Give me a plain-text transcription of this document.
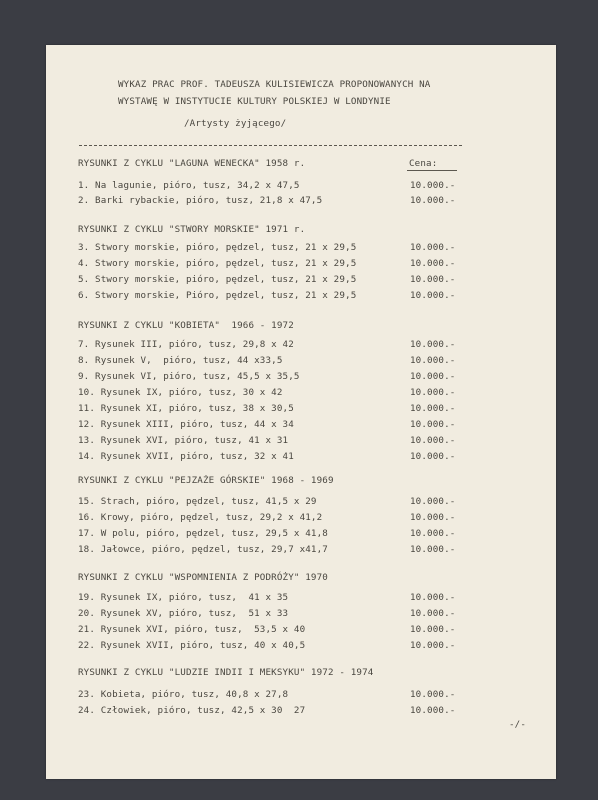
WYKAZ PRAC PROF. TADEUSZA KULISIEWICZA PROPONOWANYCH NA
WYSTAWĘ W INSTYTUCIE KULTURY POLSKIEJ W LONDYNIE
/Artysty żyjącego/
RYSUNKI Z CYKLU "LAGUNA WENECKA" 1958 r.	Cena:
1. Na lagunie, pióro, tusz, 34,2 x 47,5	10.000.-
2. Barki rybackie, pióro, tusz, 21,8 x 47,5	10.000.-
RYSUNKI Z CYKLU "STWORY MORSKIE" 1971 r.
3. Stwory morskie, pióro, pędzel, tusz, 21 x 29,5	10.000.-
4. Stwory morskie, pióro, pędzel, tusz, 21 x 29,5	10.000.-
5. Stwory morskie, pióro, pędzel, tusz, 21 x 29,5	10.000.-
6. Stwory morskie, Pióro, pędzel, tusz, 21 x 29,5	10.000.-
RYSUNKI Z CYKLU "KOBIETA"  1966 - 1972
7. Rysunek III, pióro, tusz, 29,8 x 42	10.000.-
8. Rysunek V,  pióro, tusz, 44 x33,5	10.000.-
9. Rysunek VI, pióro, tusz, 45,5 x 35,5	10.000.-
10. Rysunek IX, pióro, tusz, 30 x 42	10.000.-
11. Rysunek XI, pióro, tusz, 38 x 30,5	10.000.-
12. Rysunek XIII, pióro, tusz, 44 x 34	10.000.-
13. Rysunek XVI, pióro, tusz, 41 x 31	10.000.-
14. Rysunek XVII, pióro, tusz, 32 x 41	10.000.-
RYSUNKI Z CYKLU "PEJZAŻE GÓRSKIE" 1968 - 1969
15. Strach, pióro, pędzel, tusz, 41,5 x 29	10.000.-
16. Krowy, pióro, pędzel, tusz, 29,2 x 41,2	10.000.-
17. W polu, pióro, pędzel, tusz, 29,5 x 41,8	10.000.-
18. Jałowce, pióro, pędzel, tusz, 29,7 x41,7	10.000.-
RYSUNKI Z CYKLU "WSPOMNIENIA Z PODRÓŻY" 1970
19. Rysunek IX, pióro, tusz,  41 x 35	10.000.-
20. Rysunek XV, pióro, tusz,  51 x 33	10.000.-
21. Rysunek XVI, pióro, tusz,  53,5 x 40	10.000.-
22. Rysunek XVII, pióro, tusz, 40 x 40,5	10.000.-
RYSUNKI Z CYKLU "LUDZIE INDII I MEKSYKU" 1972 - 1974
23. Kobieta, pióro, tusz, 40,8 x 27,8	10.000.-
24. Człowiek, pióro, tusz, 42,5 x 30  27	10.000.-
-/-
